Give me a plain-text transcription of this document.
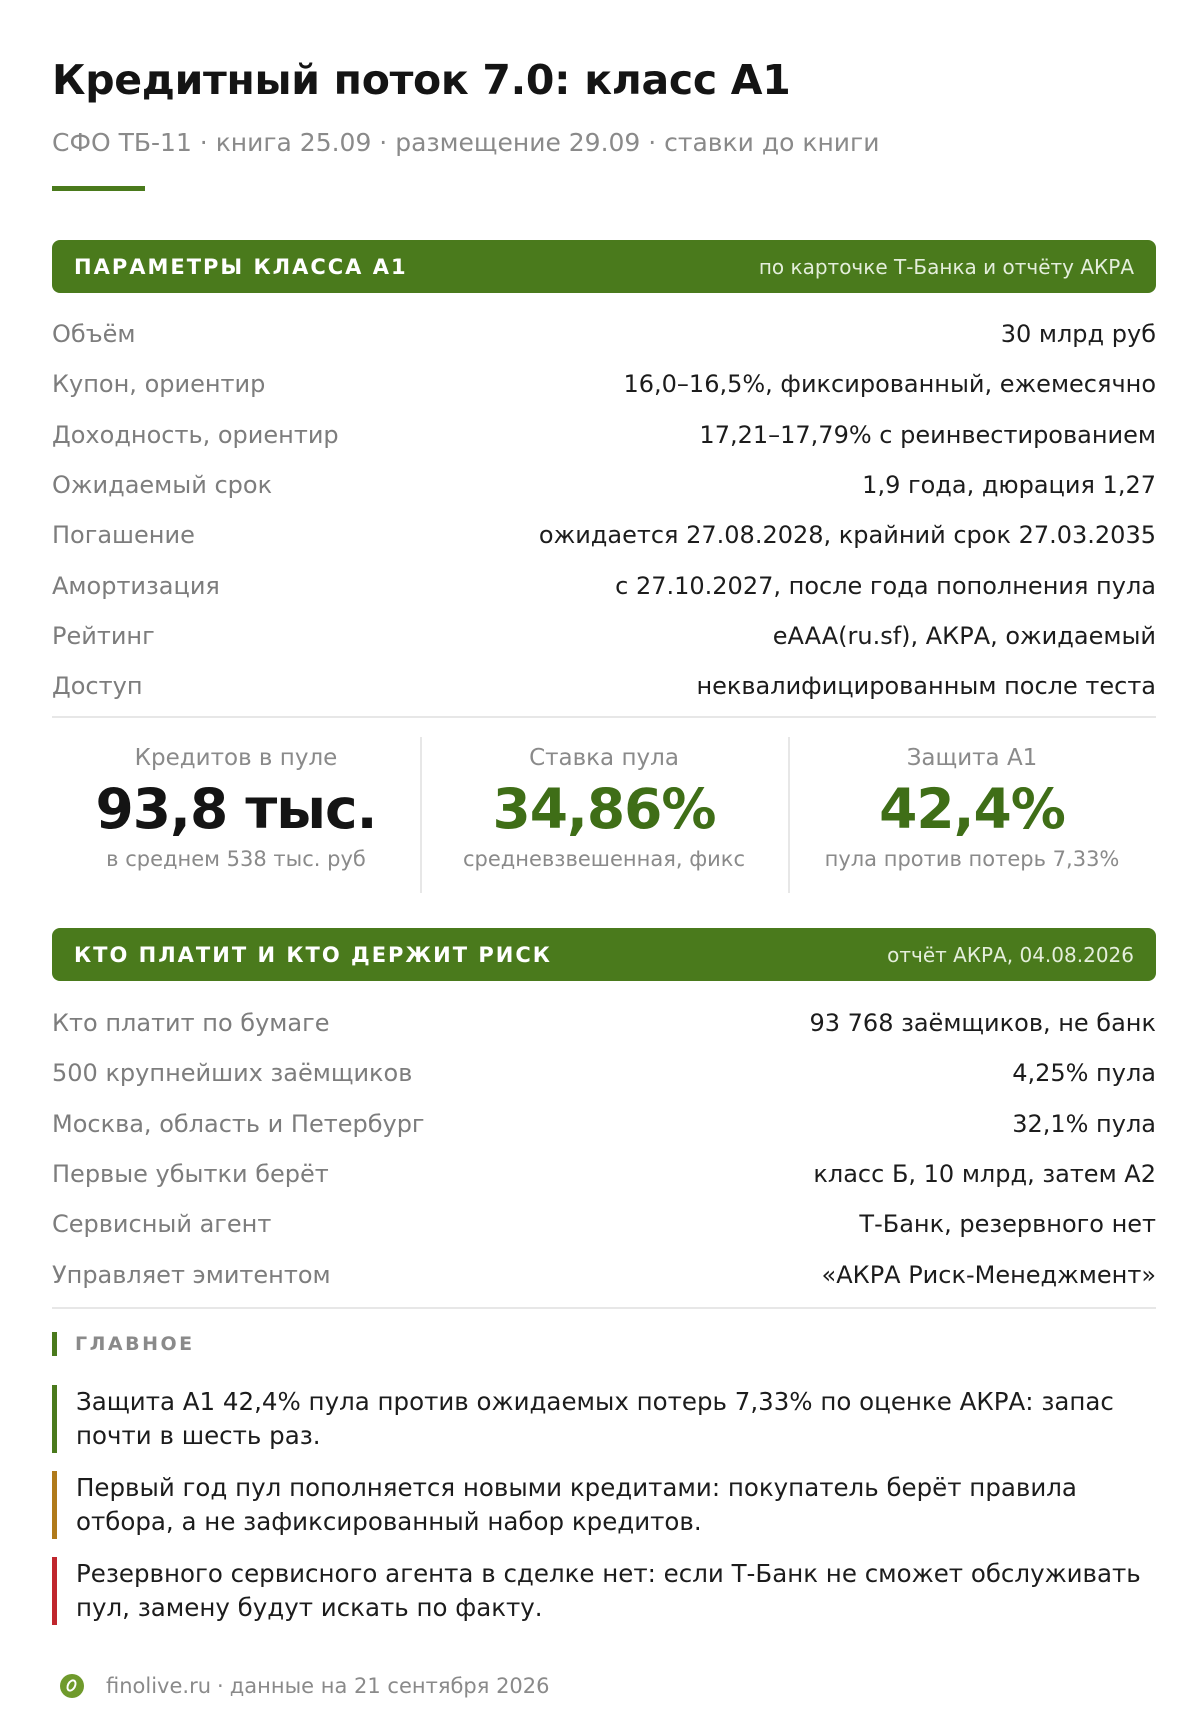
Кредитный поток 7.0: класс А1
СФО ТБ-11 · книга 25.09 · размещение 29.09 · ставки до книги
ПАРАМЕТРЫ КЛАССА А1	по карточке Т-Банка и отчёту АКРА
Объём	30 млрд руб
Купон, ориентир	16,0–16,5%, фиксированный, ежемесячно
Доходность, ориентир	17,21–17,79% с реинвестированием
Ожидаемый срок	1,9 года, дюрация 1,27
Погашение	ожидается 27.08.2028, крайний срок 27.03.2035
Амортизация	с 27.10.2027, после года пополнения пула
Рейтинг	eAAA(ru.sf), АКРА, ожидаемый
Доступ	неквалифицированным после теста
Кредитов в пуле
93,8 тыс.
в среднем 538 тыс. руб
Ставка пула
34,86%
средневзвешенная, фикс
Защита А1
42,4%
пула против потерь 7,33%
КТО ПЛАТИТ И КТО ДЕРЖИТ РИСК	отчёт АКРА, 04.08.2026
Кто платит по бумаге	93 768 заёмщиков, не банк
500 крупнейших заёмщиков	4,25% пула
Москва, область и Петербург	32,1% пула
Первые убытки берёт	класс Б, 10 млрд, затем А2
Сервисный агент	Т-Банк, резервного нет
Управляет эмитентом	«АКРА Риск-Менеджмент»
ГЛАВНОЕ
Защита А1 42,4% пула против ожидаемых потерь 7,33% по оценке АКРА: запас почти в шесть раз.
Первый год пул пополняется новыми кредитами: покупатель берёт правила отбора, а не зафиксированный набор кредитов.
Резервного сервисного агента в сделке нет: если Т-Банк не сможет обслуживать пул, замену будут искать по факту.
finolive.ru · данные на 21 сентября 2026
